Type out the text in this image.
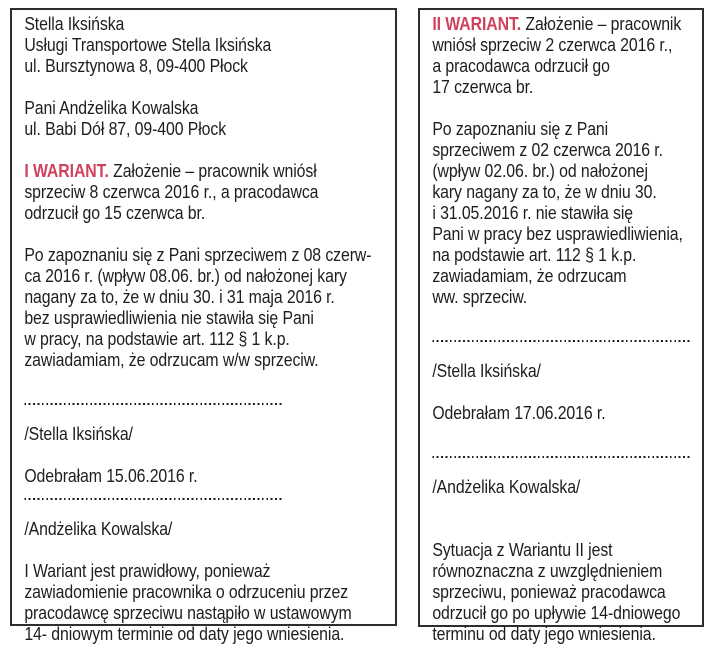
Stella Iksińska
Usługi Transportowe Stella Iksińska
ul. Bursztynowa 8, 09-400 Płock
Pani Andżelika Kowalska
ul. Babi Dół 87, 09-400 Płock
I WARIANT. Założenie – pracownik wniósł
sprzeciw 8 czerwca 2016 r., a pracodawca
odrzucił go 15 czerwca br.
Po zapoznaniu się z Pani sprzeciwem z 08 czerw-
ca 2016 r. (wpływ 08.06. br.) od nałożonej kary
nagany za to, że w dniu 30. i 31 maja 2016 r.
bez usprawiedliwienia nie stawiła się Pani
w pracy, na podstawie art. 112 § 1 k.p.
zawiadamiam, że odrzucam w/w sprzeciw.
/Stella Iksińska/
Odebrałam 15.06.2016 r.
/Andżelika Kowalska/
I Wariant jest prawidłowy, ponieważ
zawiadomienie pracownika o odrzuceniu przez
pracodawcę sprzeciwu nastąpiło w ustawowym
14- dniowym terminie od daty jego wniesienia.
II WARIANT. Założenie – pracownik
wniósł sprzeciw 2 czerwca 2016 r.,
a pracodawca odrzucił go
17 czerwca br.
Po zapoznaniu się z Pani
sprzeciwem z 02 czerwca 2016 r.
(wpływ 02.06. br.) od nałożonej
kary nagany za to, że w dniu 30.
i 31.05.2016 r. nie stawiła się
Pani w pracy bez usprawiedliwienia,
na podstawie art. 112 § 1 k.p.
zawiadamiam, że odrzucam
ww. sprzeciw.
/Stella Iksińska/
Odebrałam 17.06.2016 r.
/Andżelika Kowalska/
Sytuacja z Wariantu II jest
równoznaczna z uwzględnieniem
sprzeciwu, ponieważ pracodawca
odrzucił go po upływie 14-dniowego
terminu od daty jego wniesienia.
